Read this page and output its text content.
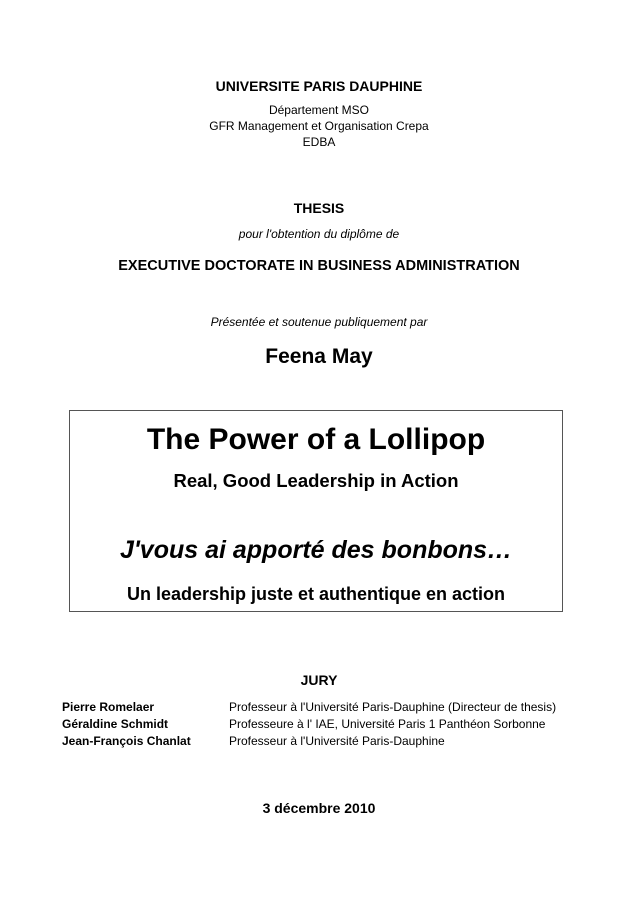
UNIVERSITE PARIS DAUPHINE
Département MSO
GFR Management et Organisation Crepa
EDBA
THESIS
pour l'obtention du diplôme de
EXECUTIVE DOCTORATE IN BUSINESS ADMINISTRATION
Présentée et soutenue publiquement par
Feena May
The Power of a Lollipop
Real, Good Leadership in Action
J'vous ai apporté des bonbons…
Un leadership juste et authentique en action
JURY
Pierre Romelaer	Professeur à l'Université Paris-Dauphine (Directeur de thesis)
Géraldine Schmidt	Professeure à l' IAE, Université Paris 1 Panthéon Sorbonne
Jean-François Chanlat	Professeur à l'Université Paris-Dauphine
3 décembre 2010
